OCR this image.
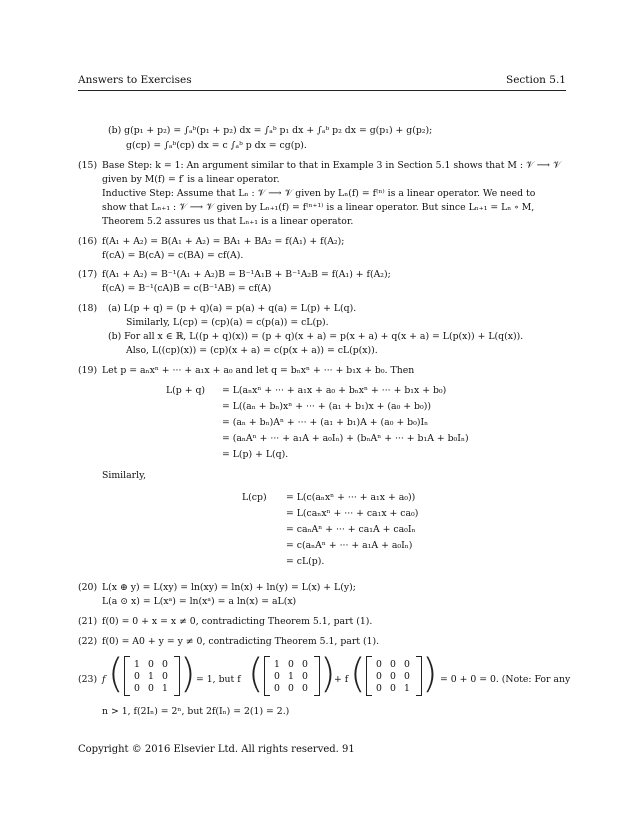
Answers to Exercises	Section 5.1
(b) g(p₁ + p₂) = ∫ₐᵇ(p₁ + p₂) dx = ∫ₐᵇ p₁ dx + ∫ₐᵇ p₂ dx = g(p₁) + g(p₂);
g(cp) = ∫ₐᵇ(cp) dx = c ∫ₐᵇ p dx = cg(p).
(15) Base Step: k = 1: An argument similar to that in Example 3 in Section 5.1 shows that M : 𝒱 ⟶ 𝒱
given by M(f) = f′ is a linear operator.
Inductive Step: Assume that Lₙ : 𝒱 ⟶ 𝒱 given by Lₙ(f) = f⁽ⁿ⁾ is a linear operator. We need to
show that Lₙ₊₁ : 𝒱 ⟶ 𝒱 given by Lₙ₊₁(f) = f⁽ⁿ⁺¹⁾ is a linear operator. But since Lₙ₊₁ = Lₙ ∘ M,
Theorem 5.2 assures us that Lₙ₊₁ is a linear operator.
(16) f(A₁ + A₂) = B(A₁ + A₂) = BA₁ + BA₂ = f(A₁) + f(A₂);
f(cA) = B(cA) = c(BA) = cf(A).
(17) f(A₁ + A₂) = B⁻¹(A₁ + A₂)B = B⁻¹A₁B + B⁻¹A₂B = f(A₁) + f(A₂);
f(cA) = B⁻¹(cA)B = c(B⁻¹AB) = cf(A)
(18) (a) L(p + q) = (p + q)(a) = p(a) + q(a) = L(p) + L(q).
Similarly, L(cp) = (cp)(a) = c(p(a)) = cL(p).
(b) For all x ∈ ℝ, L((p + q)(x)) = (p + q)(x + a) = p(x + a) + q(x + a) = L(p(x)) + L(q(x)).
Also, L((cp)(x)) = (cp)(x + a) = c(p(x + a)) = cL(p(x)).
(19) Let p = aₙxⁿ + ··· + a₁x + a₀ and let q = bₙxⁿ + ··· + b₁x + b₀. Then
L(p + q) = L(aₙxⁿ + ··· + a₁x + a₀ + bₙxⁿ + ··· + b₁x + b₀)
= L((aₙ + bₙ)xⁿ + ··· + (a₁ + b₁)x + (a₀ + b₀))
= (aₙ + bₙ)Aⁿ + ··· + (a₁ + b₁)A + (a₀ + b₀)Iₙ
= (aₙAⁿ + ··· + a₁A + a₀Iₙ) + (bₙAⁿ + ··· + b₁A + b₀Iₙ)
= L(p) + L(q).
Similarly,
L(cp) = L(c(aₙxⁿ + ··· + a₁x + a₀))
= L(caₙxⁿ + ··· + ca₁x + ca₀)
= caₙAⁿ + ··· + ca₁A + ca₀Iₙ
= c(aₙAⁿ + ··· + a₁A + a₀Iₙ)
= cL(p).
(20) L(x ⊕ y) = L(xy) = ln(xy) = ln(x) + ln(y) = L(x) + L(y);
L(a ⊙ x) = L(xᵃ) = ln(xᵃ) = a ln(x) = aL(x)
(21) f(0) = 0 + x = x ≠ 0, contradicting Theorem 5.1, part (1).
(22) f(0) = A0 + y = y ≠ 0, contradicting Theorem 5.1, part (1).
(23) f ( 1 0 0
0 1 0
0 0 1 ) = 1, but f ( 1 0 0
0 1 0
0 0 0 )
+ f ( 0 0 0
0 0 0
0 0 1 ) = 0 + 0 = 0. (Note: For any
n > 1, f(2Iₙ) = 2ⁿ, but 2f(Iₙ) = 2(1) = 2.)
Copyright © 2016 Elsevier Ltd. All rights reserved. 91
